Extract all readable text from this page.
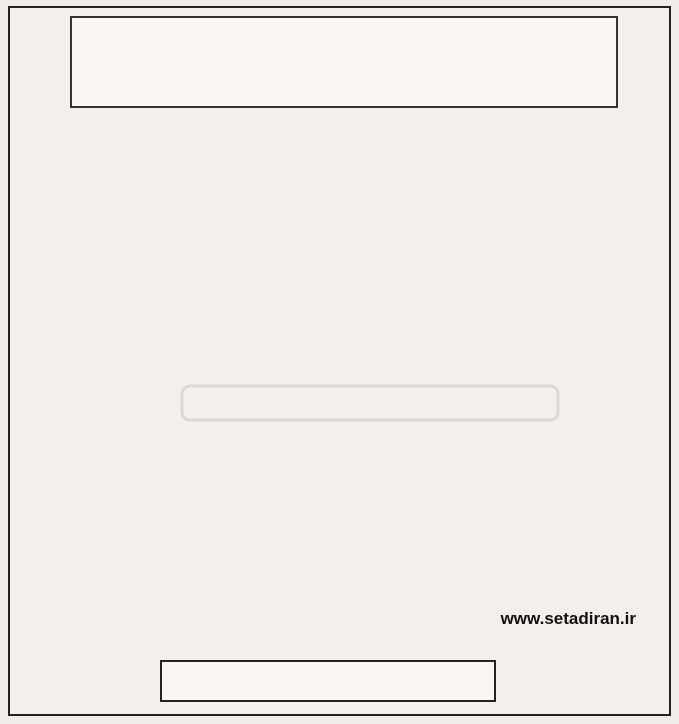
www.setadiran.ir
